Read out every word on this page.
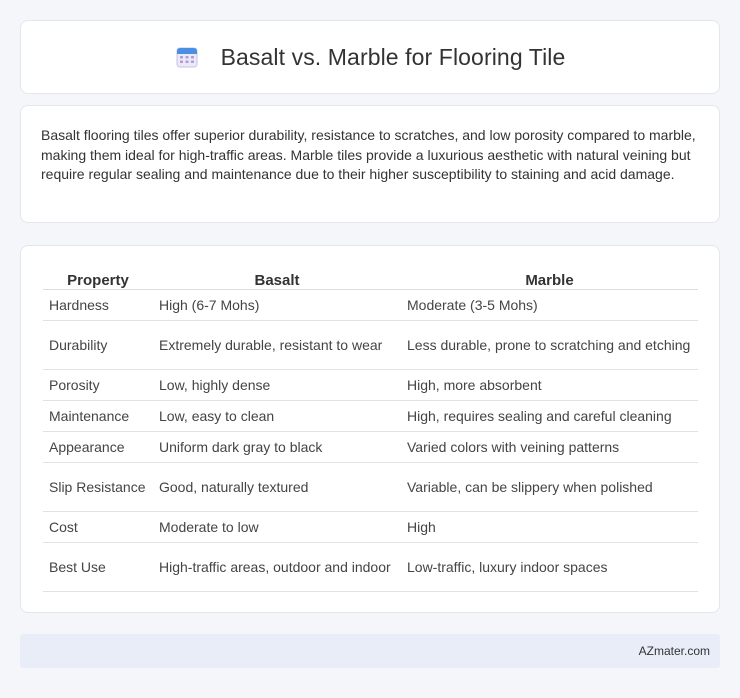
Basalt vs. Marble for Flooring Tile

Basalt flooring tiles offer superior durability, resistance to scratches, and low porosity compared to marble, making them ideal for high-traffic areas. Marble tiles provide a luxurious aesthetic with natural veining but require regular sealing and maintenance due to their higher susceptibility to staining and acid damage.

Property	Basalt	Marble
Hardness	High (6-7 Mohs)	Moderate (3-5 Mohs)
Durability	Extremely durable, resistant to wear	Less durable, prone to scratching and etching
Porosity	Low, highly dense	High, more absorbent
Maintenance	Low, easy to clean	High, requires sealing and careful cleaning
Appearance	Uniform dark gray to black	Varied colors with veining patterns
Slip Resistance	Good, naturally textured	Variable, can be slippery when polished
Cost	Moderate to low	High
Best Use	High-traffic areas, outdoor and indoor	Low-traffic, luxury indoor spaces
AZmater.com
